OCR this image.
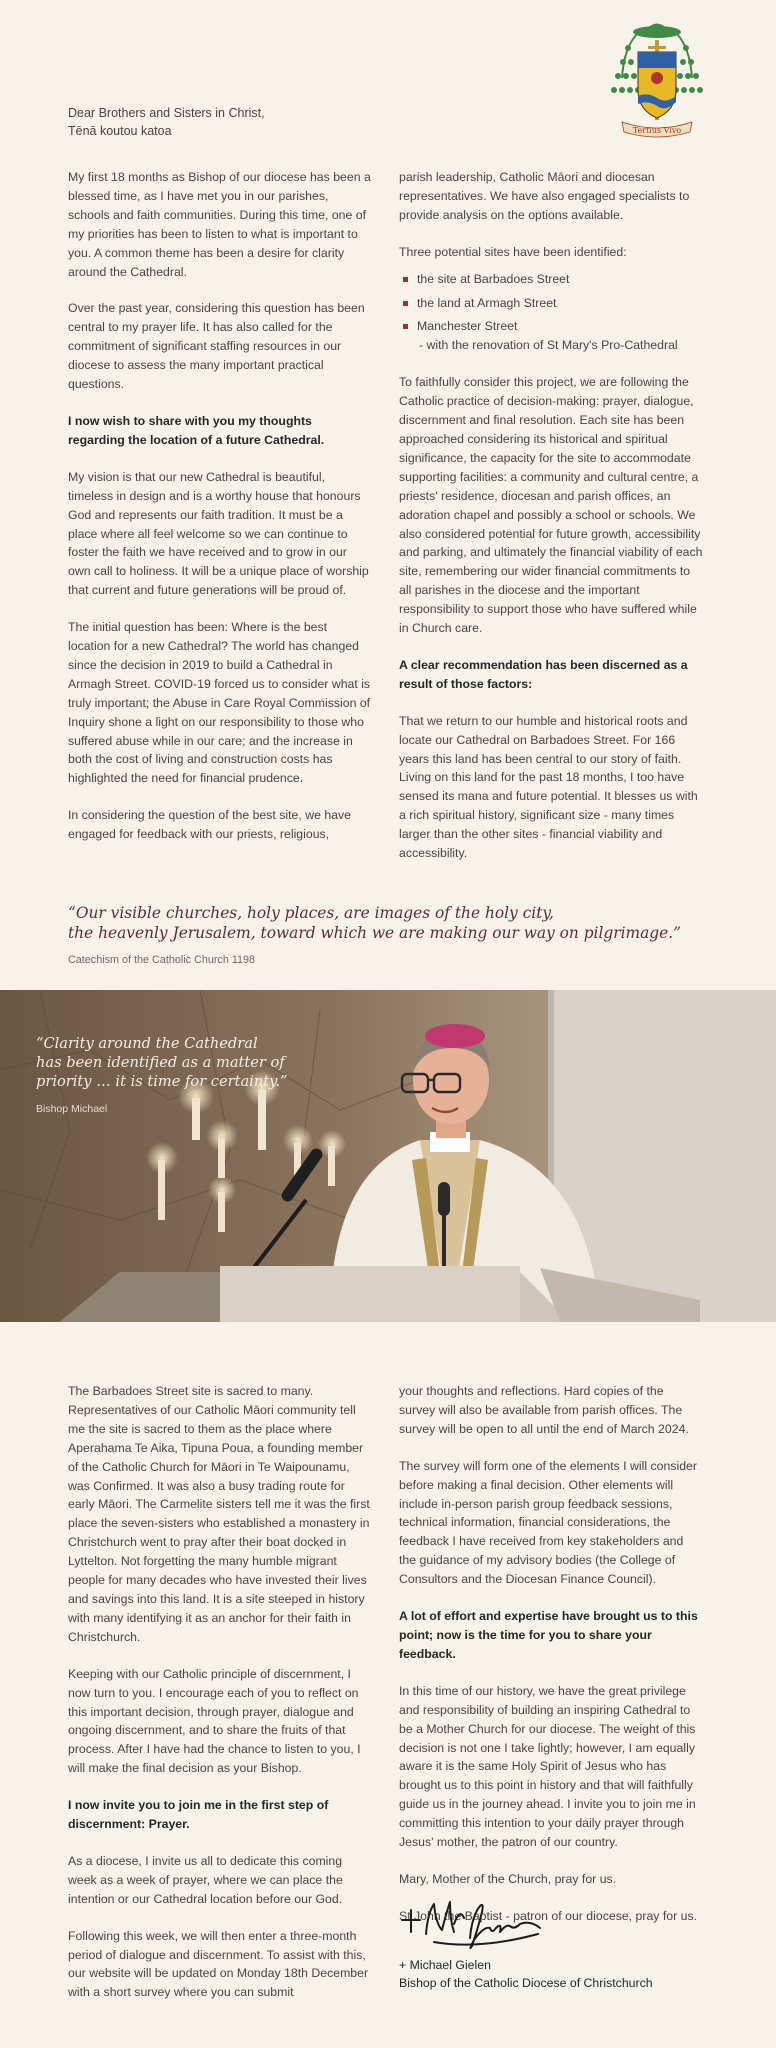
Tertius Vivo
Dear Brothers and Sisters in Christ,
Tēnā koutou katoa

My first 18 months as Bishop of our diocese has been a blessed time, as I have met you in our parishes, schools and faith communities. During this time, one of my priorities has been to listen to what is important to you. A common theme has been a desire for clarity around the Cathedral.

Over the past year, considering this question has been central to my prayer life. It has also called for the commitment of significant staffing resources in our diocese to assess the many important practical questions.

I now wish to share with you my thoughts regarding the location of a future Cathedral.

My vision is that our new Cathedral is beautiful, timeless in design and is a worthy house that honours God and represents our faith tradition. It must be a place where all feel welcome so we can continue to foster the faith we have received and to grow in our own call to holiness. It will be a unique place of worship that current and future generations will be proud of.

The initial question has been: Where is the best location for a new Cathedral? The world has changed since the decision in 2019 to build a Cathedral in Armagh Street. COVID-19 forced us to consider what is truly important; the Abuse in Care Royal Commission of Inquiry shone a light on our responsibility to those who suffered abuse while in our care; and the increase in both the cost of living and construction costs has highlighted the need for financial prudence.

In considering the question of the best site, we have engaged for feedback with our priests, religious,

parish leadership, Catholic Māori and diocesan representatives. We have also engaged specialists to provide analysis on the options available.

Three potential sites have been identified:

the site at Barbadoes Street
the land at Armagh Street
Manchester Street
- with the renovation of St Mary's Pro-Cathedral

To faithfully consider this project, we are following the Catholic practice of decision-making: prayer, dialogue, discernment and final resolution. Each site has been approached considering its historical and spiritual significance, the capacity for the site to accommodate supporting facilities: a community and cultural centre, a priests' residence, diocesan and parish offices, an adoration chapel and possibly a school or schools. We also considered potential for future growth, accessibility and parking, and ultimately the financial viability of each site, remembering our wider financial commitments to all parishes in the diocese and the important responsibility to support those who have suffered while in Church care.

A clear recommendation has been discerned as a result of those factors:

That we return to our humble and historical roots and locate our Cathedral on Barbadoes Street. For 166 years this land has been central to our story of faith. Living on this land for the past 18 months, I too have sensed its mana and future potential. It blesses us with a rich spiritual history, significant size - many times larger than the other sites - financial viability and accessibility.

“Our visible churches, holy places, are images of the holy city,
the heavenly Jerusalem, toward which we are making our way on pilgrimage.”
Catechism of the Catholic Church 1198
“Clarity around the Cathedral
has been identified as a matter of
priority … it is time for certainty.”
Bishop Michael

The Barbadoes Street site is sacred to many. Representatives of our Catholic Māori community tell me the site is sacred to them as the place where Aperahama Te Aika, Tipuna Poua, a founding member of the Catholic Church for Māori in Te Waipounamu, was Confirmed. It was also a busy trading route for early Māori. The Carmelite sisters tell me it was the first place the seven-sisters who established a monastery in Christchurch went to pray after their boat docked in Lyttelton. Not forgetting the many humble migrant people for many decades who have invested their lives and savings into this land. It is a site steeped in history with many identifying it as an anchor for their faith in Christchurch.

Keeping with our Catholic principle of discernment, I now turn to you. I encourage each of you to reflect on this important decision, through prayer, dialogue and ongoing discernment, and to share the fruits of that process. After I have had the chance to listen to you, I will make the final decision as your Bishop.

I now invite you to join me in the first step of discernment: Prayer.

As a diocese, I invite us all to dedicate this coming week as a week of prayer, where we can place the intention or our Cathedral location before our God.

Following this week, we will then enter a three-month period of dialogue and discernment. To assist with this, our website will be updated on Monday 18th December with a short survey where you can submit

your thoughts and reflections. Hard copies of the survey will also be available from parish offices. The survey will be open to all until the end of March 2024.

The survey will form one of the elements I will consider before making a final decision. Other elements will include in-person parish group feedback sessions, technical information, financial considerations, the feedback I have received from key stakeholders and the guidance of my advisory bodies (the College of Consultors and the Diocesan Finance Council).

A lot of effort and expertise have brought us to this point; now is the time for you to share your feedback.

In this time of our history, we have the great privilege and responsibility of building an inspiring Cathedral to be a Mother Church for our diocese. The weight of this decision is not one I take lightly; however, I am equally aware it is the same Holy Spirit of Jesus who has brought us to this point in history and that will faithfully guide us in the journey ahead. I invite you to join me in committing this intention to your daily prayer through Jesus' mother, the patron of our country.

Mary, Mother of the Church, pray for us.

St John the Baptist - patron of our diocese, pray for us.

+ Michael Gielen
Bishop of the Catholic Diocese of Christchurch
